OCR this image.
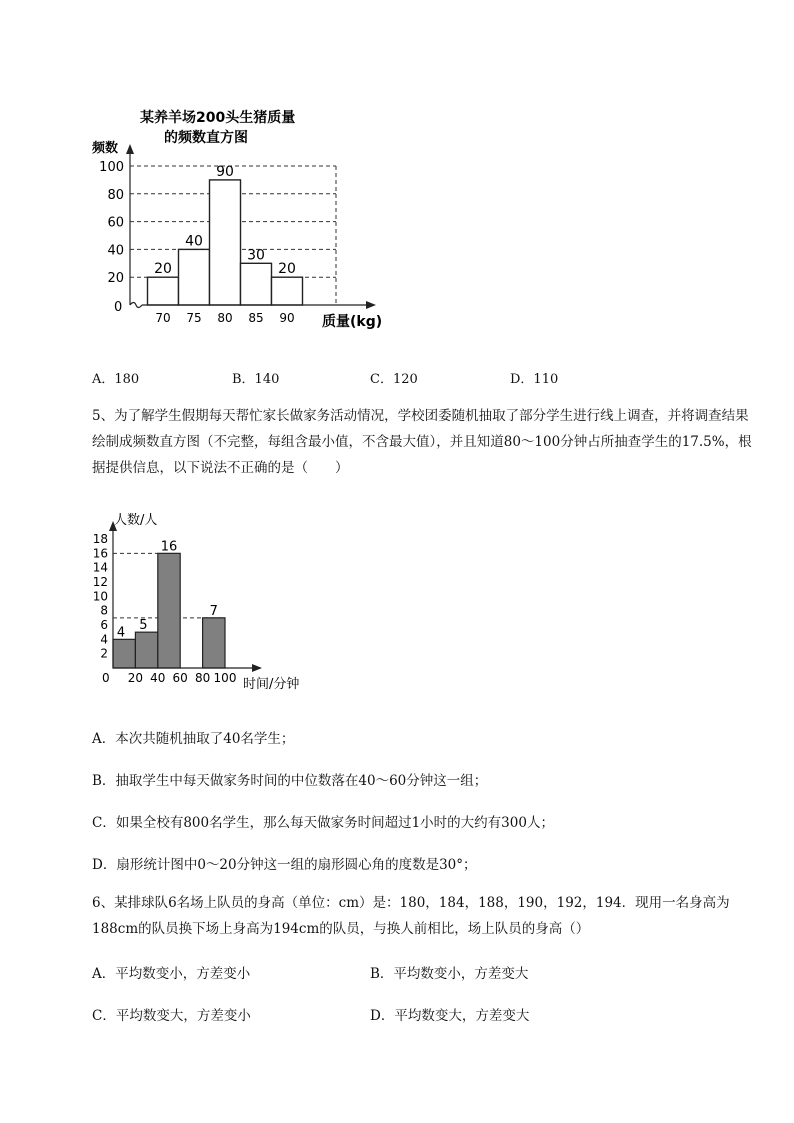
某养羊场200头生猪质量
的频数直方图
频数
100
80
60
40
20
70 75 80 85 90
20
40
90
30
20
0
质量(kg)
A．180	B．140	C．120	D．110
5、为了解学生假期每天帮忙家长做家务活动情况，学校团委随机抽取了部分学生进行线上调查，并将调查结果绘制成频数直方图（不完整，每组含最小值，不含最大值），并且知道80～100分钟占所抽查学生的17.5%，根据提供信息，以下说法不正确的是（　　）
人数/人
18
16
14
12
10
8
6
4
2
20 40 60 80 100
4 5
16
7
0	时间/分钟
A．本次共随机抽取了40名学生；
B．抽取学生中每天做家务时间的中位数落在40～60分钟这一组；
C．如果全校有800名学生，那么每天做家务时间超过1小时的大约有300人；
D．扇形统计图中0～20分钟这一组的扇形圆心角的度数是30°；
6、某排球队6名场上队员的身高（单位：cm）是：180，184，188，190，192，194．现用一名身高为188cm的队员换下场上身高为194cm的队员，与换人前相比，场上队员的身高（）
A．平均数变小，方差变小	B．平均数变小，方差变大
C．平均数变大，方差变小	D．平均数变大，方差变大
